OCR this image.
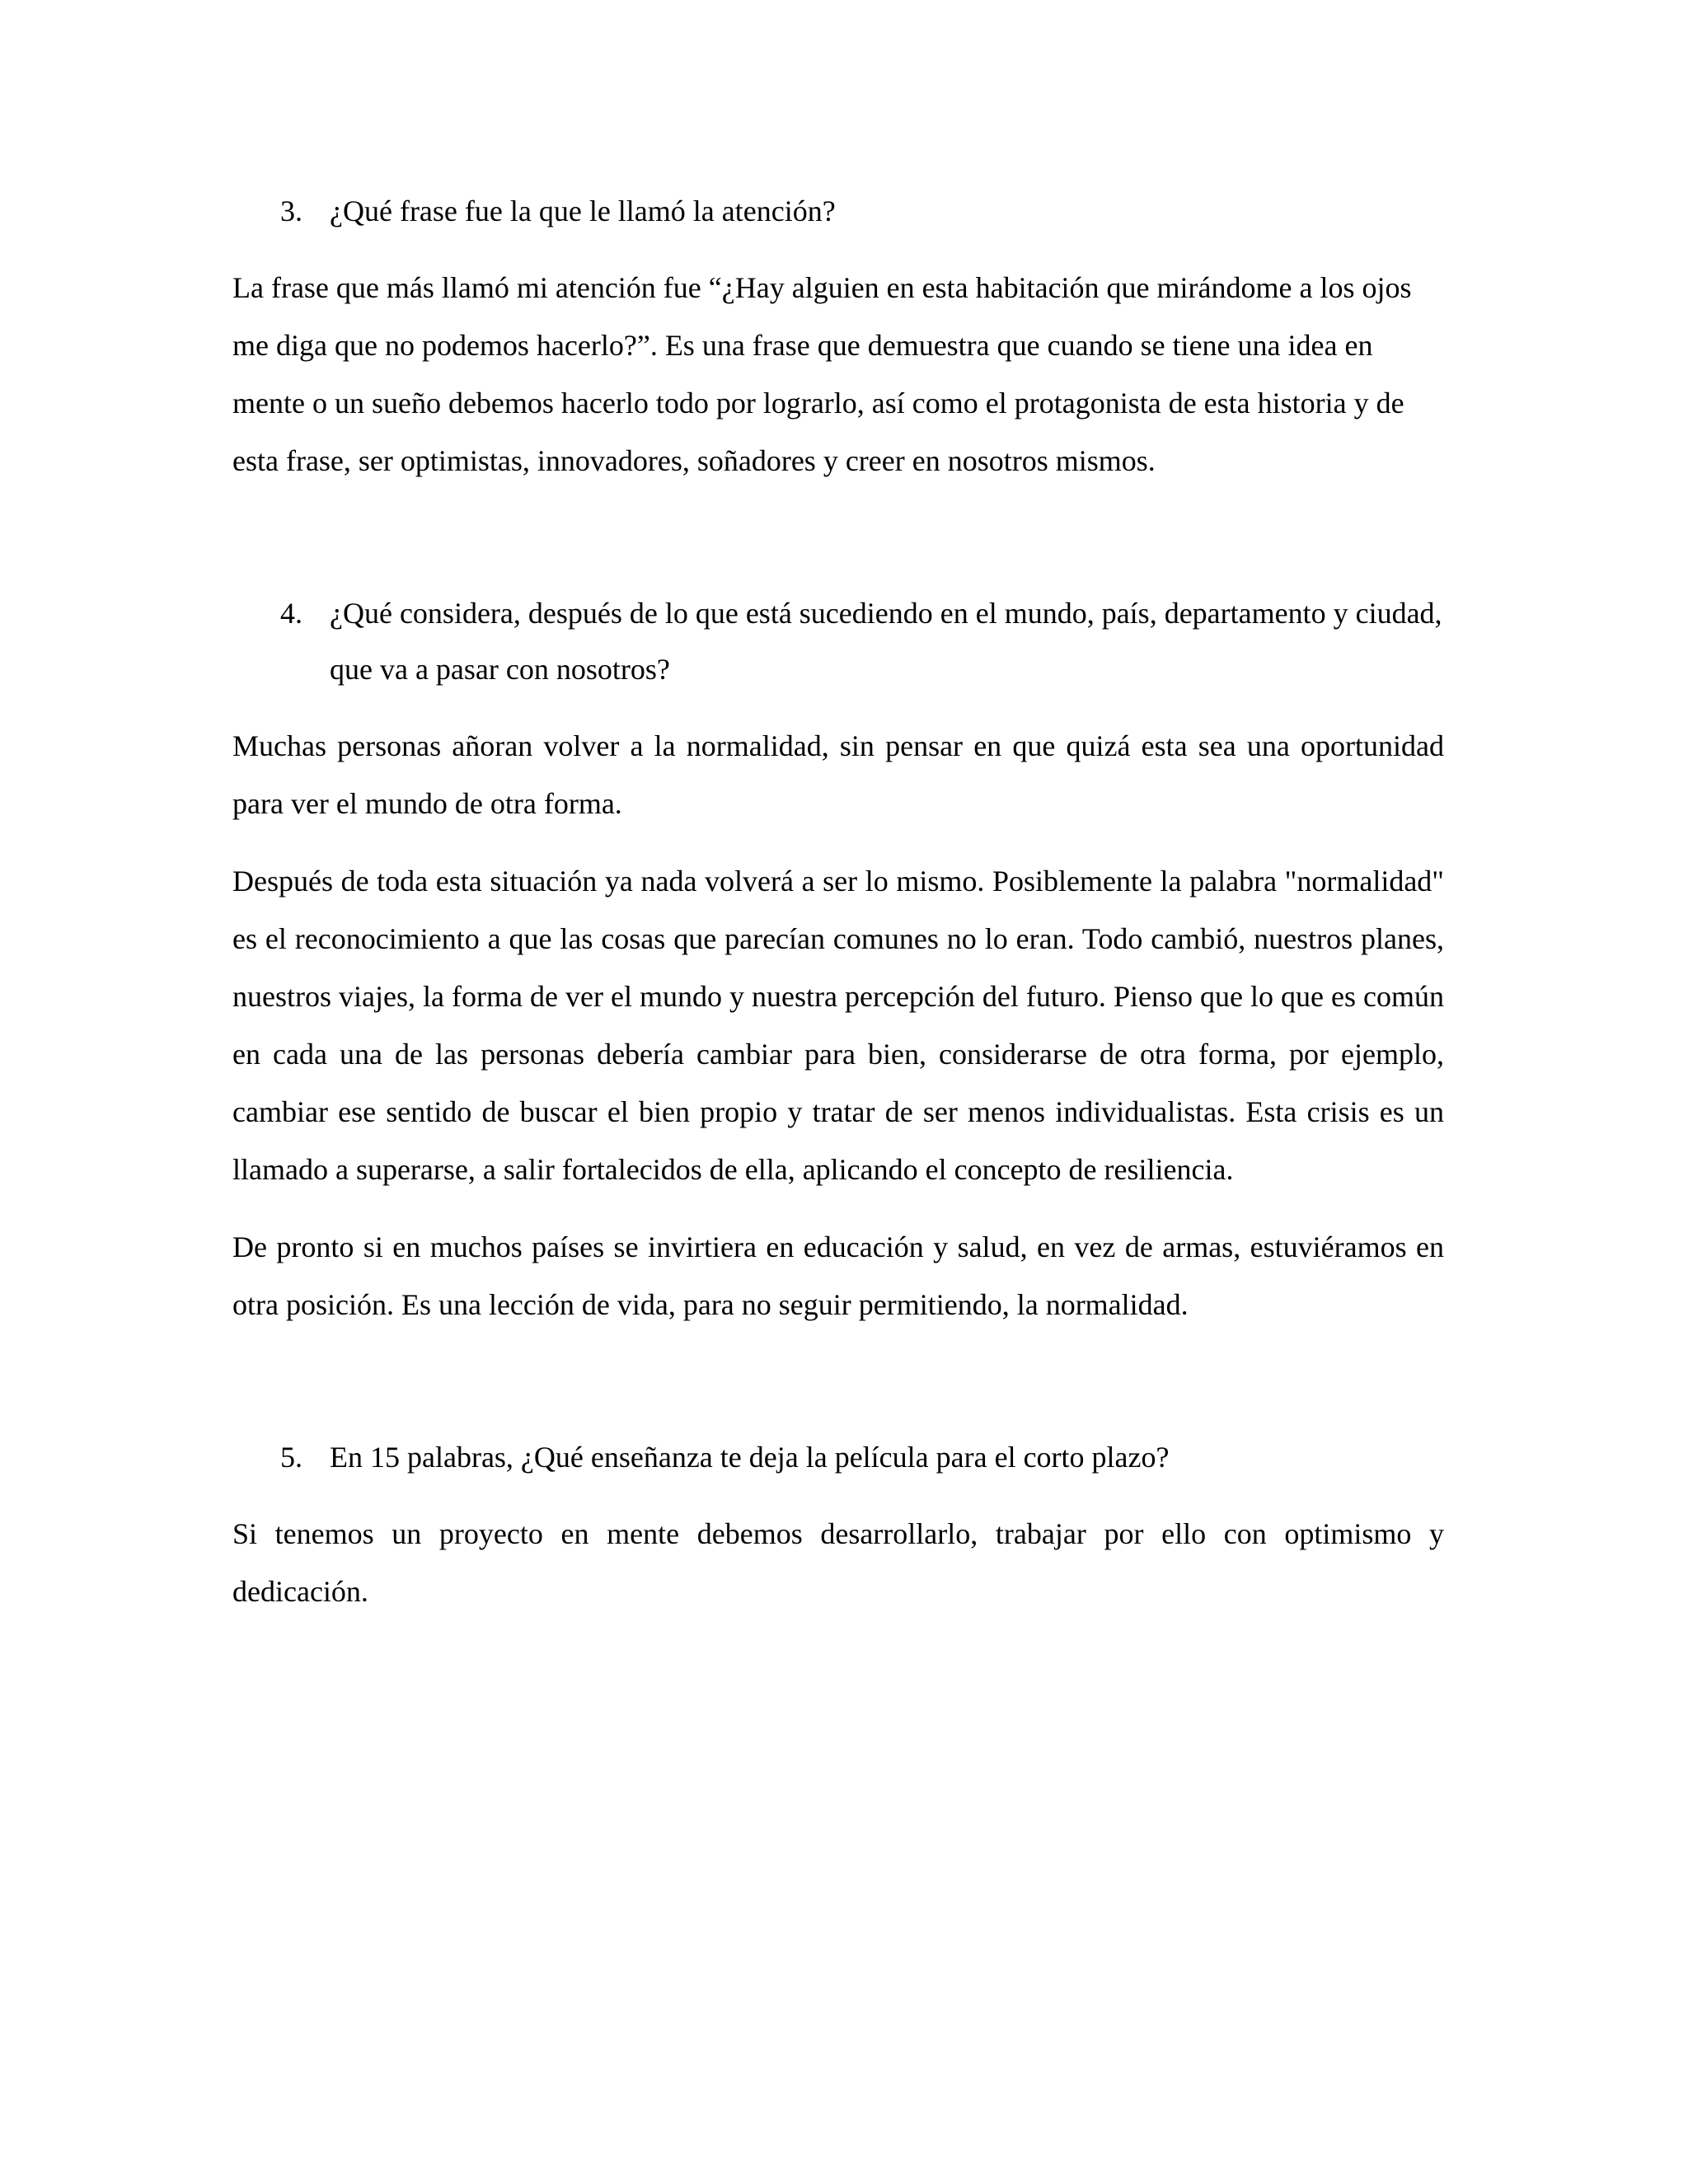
3. ¿Qué frase fue la que le llamó la atención?

La frase que más llamó mi atención fue “¿Hay alguien en esta habitación que mirándome a los ojos me diga que no podemos hacerlo?”. Es una frase que demuestra que cuando se tiene una idea en mente o un sueño debemos hacerlo todo por lograrlo, así como el protagonista de esta historia y de esta frase, ser optimistas, innovadores, soñadores y creer en nosotros mismos.

4. ¿Qué considera, después de lo que está sucediendo en el mundo, país, departamento y ciudad, que va a pasar con nosotros?

Muchas personas añoran volver a la normalidad, sin pensar en que quizá esta sea una oportunidad para ver el mundo de otra forma.

Después de toda esta situación ya nada volverá a ser lo mismo. Posiblemente la palabra "normalidad" es el reconocimiento a que las cosas que parecían comunes no lo eran. Todo cambió, nuestros planes, nuestros viajes, la forma de ver el mundo y nuestra percepción del futuro. Pienso que lo que es común en cada una de las personas debería cambiar para bien, considerarse de otra forma, por ejemplo, cambiar ese sentido de buscar el bien propio y tratar de ser menos individualistas. Esta crisis es un llamado a superarse, a salir fortalecidos de ella, aplicando el concepto de resiliencia.

De pronto si en muchos países se invirtiera en educación y salud, en vez de armas, estuviéramos en otra posición. Es una lección de vida, para no seguir permitiendo, la normalidad.

5. En 15 palabras, ¿Qué enseñanza te deja la película para el corto plazo?

Si tenemos un proyecto en mente debemos desarrollarlo, trabajar por ello con optimismo y dedicación.
